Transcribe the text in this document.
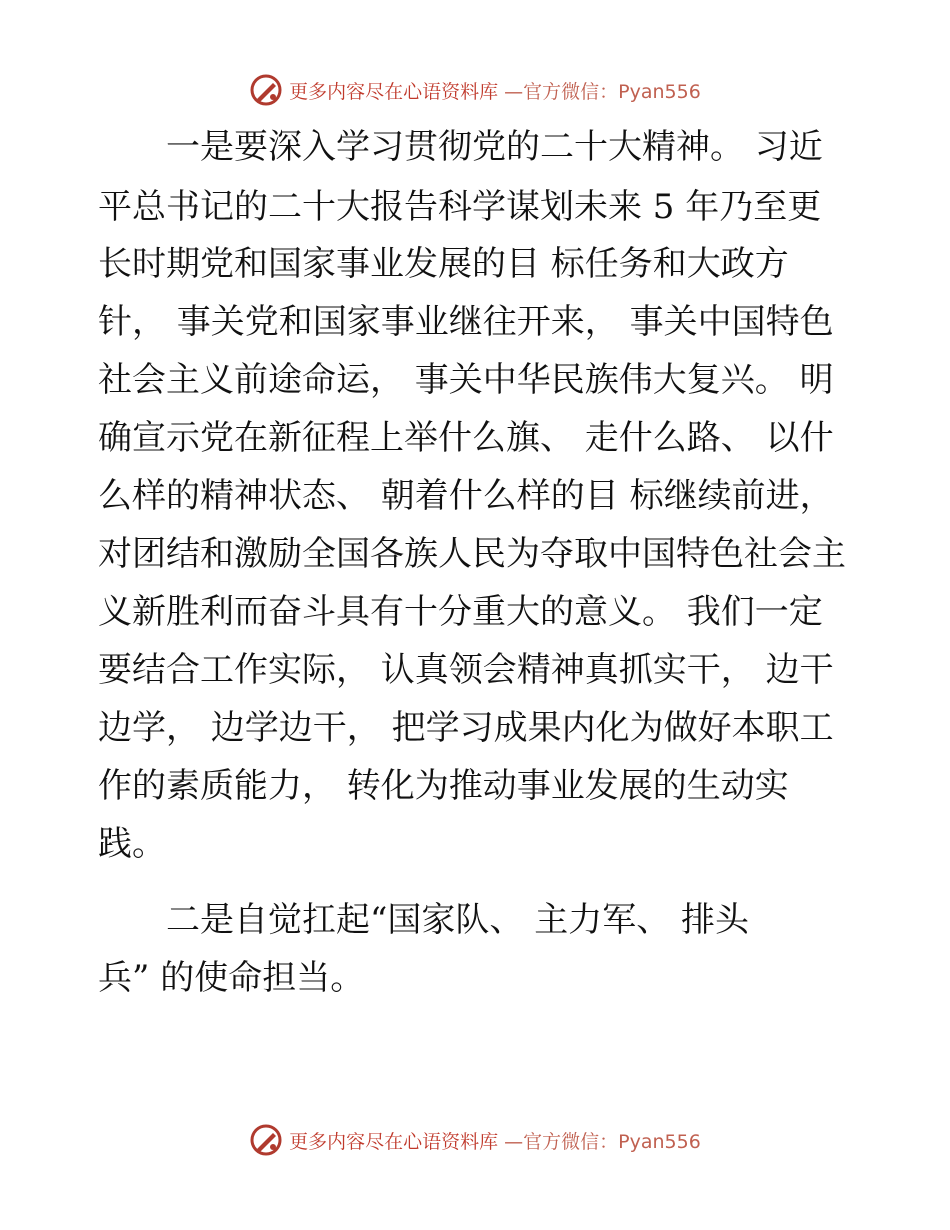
更多内容尽在心语资料库 —官方微信：Pyan556
　　一是要深入学习贯彻党的二十大精神。 习近
平总书记的二十大报告科学谋划未来 5 年乃至更
长时期党和国家事业发展的目 标任务和大政方
针， 事关党和国家事业继往开来， 事关中国特色
社会主义前途命运， 事关中华民族伟大复兴。 明
确宣示党在新征程上举什么旗、 走什么路、 以什
么样的精神状态、 朝着什么样的目 标继续前进，
对团结和激励全国各族人民为夺取中国特色社会主
义新胜利而奋斗具有十分重大的意义。 我们一定
要结合工作实际， 认真领会精神真抓实干， 边干
边学， 边学边干， 把学习成果内化为做好本职工
作的素质能力， 转化为推动事业发展的生动实
践。
　　二是自觉扛起“国家队、 主力军、 排头
兵” 的使命担当。
更多内容尽在心语资料库 —官方微信：Pyan556
